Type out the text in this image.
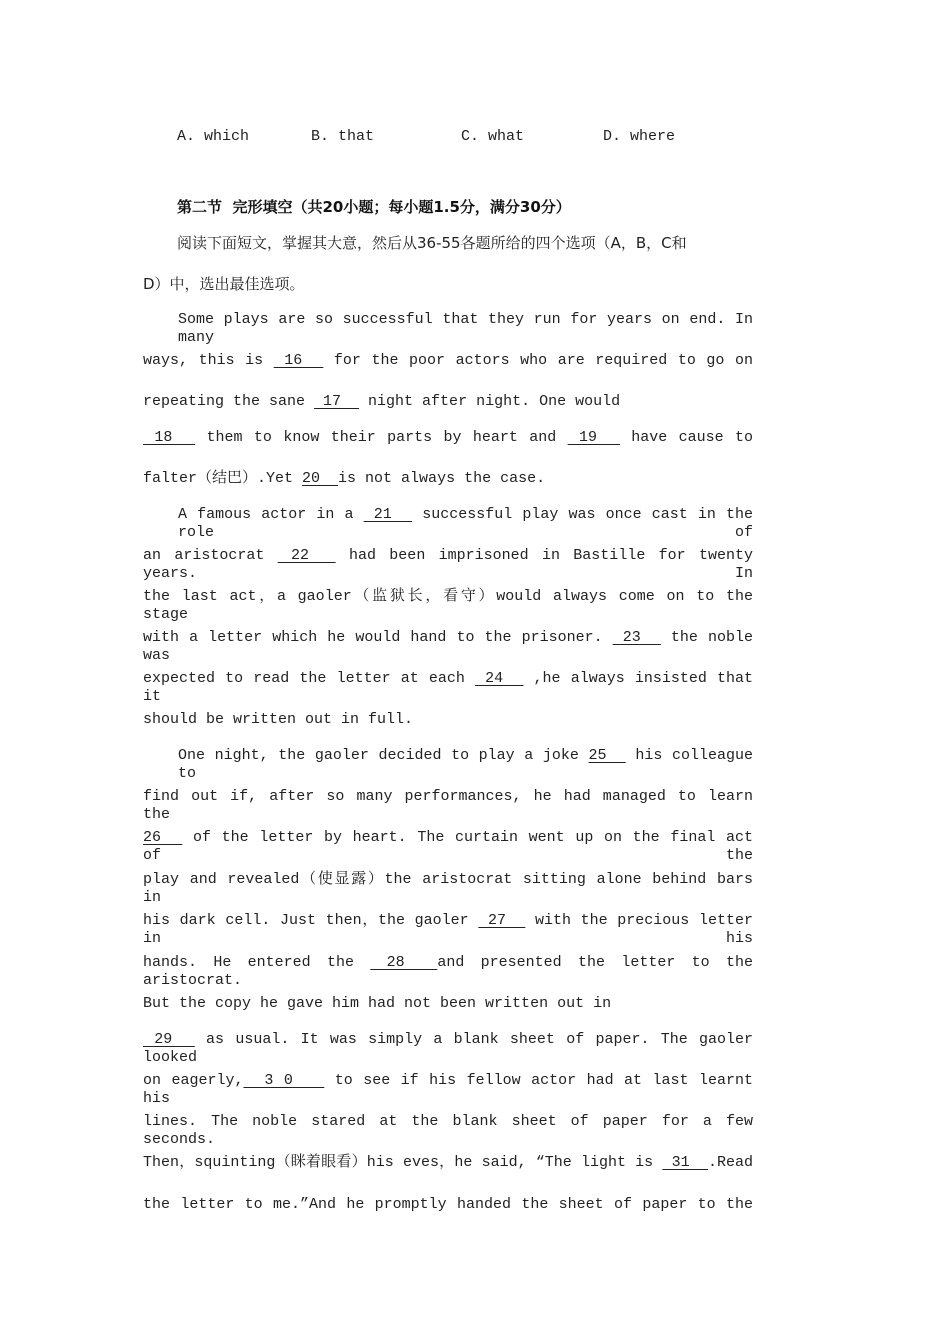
A. which	B. that	C. what	D. where
第二节  完形填空（共20小题；每小题1.5分，满分30分）
阅读下面短文，掌握其大意，然后从36-55各题所给的四个选项（A，B，C和
D）中，选出最佳选项。
Some plays are so successful that they run for years on end. In many
ways, this is  16   for the poor actors who are required to go on
repeating the sane  17   night after night. One would
18   them to know their parts by heart and  19   have cause to
falter（结巴）.Yet 20  is not always the case.
A famous actor in a  21   successful play was once cast in the role of
an aristocrat  22   had been imprisoned in Bastille for twenty years. In
the last act，a gaoler（监狱长，看守）would always come on to the stage
with a letter which he would hand to the prisoner.  23   the noble was
expected to read the letter at each  24   ,he always insisted that it
should be written out in full.
One night, the gaoler decided to play a joke 25   his colleague to
find out if, after so many performances, he had managed to learn the
26   of the letter by heart. The curtain went up on the final act of the
play and revealed（使显露）the aristocrat sitting alone behind bars in
his dark cell. Just then，the gaoler  27   with the precious letter in his
hands. He entered the  28  and presented the letter to the aristocrat.
But the copy he gave him had not been written out in
29   as usual. It was simply a blank sheet of paper. The gaoler looked
on eagerly,  3 0    to see if his fellow actor had at last learnt his
lines. The noble stared at the blank sheet of paper for a few seconds.
Then，squinting（眯着眼看）his eves，he said, “The light is  31  .Read
the letter to me.”And he promptly handed the sheet of paper to the
